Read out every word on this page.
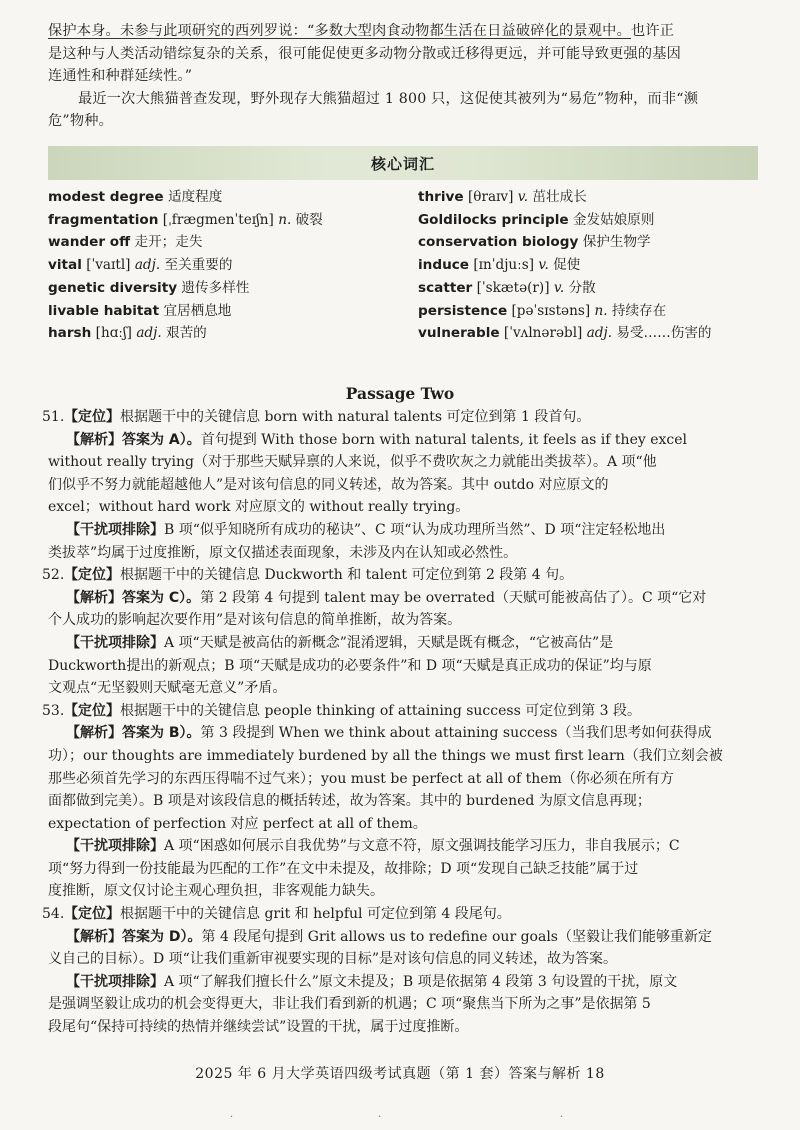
保护本身。未参与此项研究的西列罗说：“多数大型肉食动物都生活在日益破碎化的景观中。也许正

是这种与人类活动错综复杂的关系，很可能促使更多动物分散或迁移得更远，并可能导致更强的基因

连通性和种群延续性。”

最近一次大熊猫普查发现，野外现存大熊猫超过 1 800 只，这促使其被列为“易危”物种，而非“濒

危”物种。

核心词汇
modest degree 适度程度
fragmentation [ˌfrægmenˈteɪʃn] n. 破裂
wander off 走开；走失
vital [ˈvaɪtl] adj. 至关重要的
genetic diversity 遗传多样性
livable habitat 宜居栖息地
harsh [hɑːʃ] adj. 艰苦的
thrive [θraɪv] v. 茁壮成长
Goldilocks principle 金发姑娘原则
conservation biology 保护生物学
induce [ɪnˈdjuːs] v. 促使
scatter [ˈskætə(r)] v. 分散
persistence [pəˈsɪstəns] n. 持续存在
vulnerable [ˈvʌlnərəbl] adj. 易受……伤害的
Passage Two
51.【定位】根据题干中的关键信息 born with natural talents 可定位到第 1 段首句。
【解析】答案为 A）。首句提到 With those born with natural talents, it feels as if they excel
without really trying（对于那些天赋异禀的人来说，似乎不费吹灰之力就能出类拔萃）。A 项“他
们似乎不努力就能超越他人”是对该句信息的同义转述，故为答案。其中 outdo 对应原文的
excel；without hard work 对应原文的 without really trying。
【干扰项排除】B 项“似乎知晓所有成功的秘诀”、C 项“认为成功理所当然”、D 项“注定轻松地出
类拔萃”均属于过度推断，原文仅描述表面现象，未涉及内在认知或必然性。
52.【定位】根据题干中的关键信息 Duckworth 和 talent 可定位到第 2 段第 4 句。
【解析】答案为 C）。第 2 段第 4 句提到 talent may be overrated（天赋可能被高估了）。C 项“它对
个人成功的影响起次要作用”是对该句信息的简单推断，故为答案。
【干扰项排除】A 项“天赋是被高估的新概念”混淆逻辑，天赋是既有概念，“它被高估”是
Duckworth提出的新观点；B 项“天赋是成功的必要条件”和 D 项“天赋是真正成功的保证”均与原
文观点“无坚毅则天赋毫无意义”矛盾。
53.【定位】根据题干中的关键信息 people thinking of attaining success 可定位到第 3 段。
【解析】答案为 B）。第 3 段提到 When we think about attaining success（当我们思考如何获得成
功）；our thoughts are immediately burdened by all the things we must first learn（我们立刻会被
那些必须首先学习的东西压得喘不过气来）；you must be perfect at all of them（你必须在所有方
面都做到完美）。B 项是对该段信息的概括转述，故为答案。其中的 burdened 为原文信息再现；
expectation of perfection 对应 perfect at all of them。
【干扰项排除】A 项“困惑如何展示自我优势”与文意不符，原文强调技能学习压力，非自我展示；C
项“努力得到一份技能最为匹配的工作”在文中未提及，故排除；D 项“发现自己缺乏技能”属于过
度推断，原文仅讨论主观心理负担，非客观能力缺失。
54.【定位】根据题干中的关键信息 grit 和 helpful 可定位到第 4 段尾句。
【解析】答案为 D）。第 4 段尾句提到 Grit allows us to redefine our goals（坚毅让我们能够重新定
义自己的目标）。D 项“让我们重新审视要实现的目标”是对该句信息的同义转述，故为答案。
【干扰项排除】A 项“了解我们擅长什么”原文未提及；B 项是依据第 4 段第 3 句设置的干扰，原文
是强调坚毅让成功的机会变得更大，非让我们看到新的机遇；C 项“聚焦当下所为之事”是依据第 5
段尾句“保持可持续的热情并继续尝试”设置的干扰，属于过度推断。
2025 年 6 月大学英语四级考试真题（第 1 套）答案与解析 18
·	·	·
